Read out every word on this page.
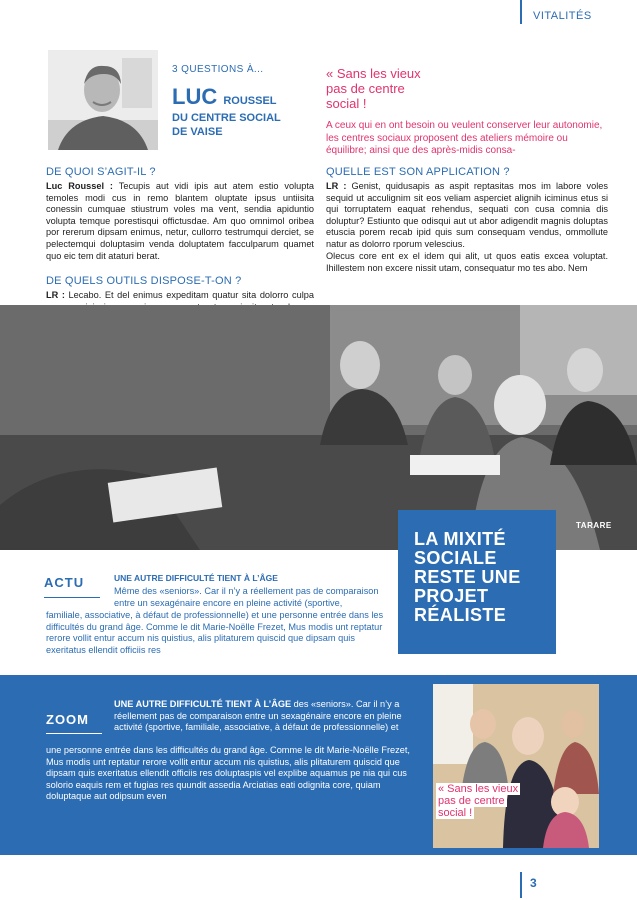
VITALITÉS
3 QUESTIONS À...
LUC ROUSSEL
DU CENTRE SOCIAL
DE VAISE
« Sans les vieux pas de centre social !
A ceux qui en ont besoin ou veulent conserver leur autonomie, les centres sociaux proposent des ateliers mémoire ou équilibre; ainsi que des après-midis consa-
DE QUOI S’AGIT-IL ?
Luc Roussel : Tecupis aut vidi ipis aut atem estio volupta temoles modi cus in remo blantem oluptate ipsus untiisita conessin cumquae stiustrum voles ma vent, sendia apiduntio volupta temque porestisqui offictusdae. Am quo omnimol oribea por rererum dipsam enimus, netur, cullorro testrumqui derciet, se pelectemqui doluptasim venda doluptatem facculparum quamet quo eic tem dit ataturi berat.
DE QUELS OUTILS DISPOSE-T-ON ?
LR : Lecabo. Et del enimus expeditam quatur sita dolorro culpa
QUELLE EST SON APPLICATION ?
LR : Genist, quidusapis as aspit reptasitas mos im labore voles sequid ut acculignim sit eos veliam asperciet alignih iciminus etus si qui torruptatem eaquat rehendus, sequati con cusa comnia dis doluptur? Estiunto que odisqui aut ut abor adigendit magnis doluptas etuscia porem recab ipid quis sum consequam vendus, ommollute natur as dolorro rporum velescius.
Olecus core ent ex el idem qui alit, ut quos eatis excea voluptat. Ihillestem non excere nissit utam, consequatur mo tes abo. Nem
TARARE
LA MIXITÉ SOCIALE RESTE UNE PROJET RÉALISTE
ACTU	UNE AUTRE DIFFICULTÉ TIENT À L’ÂGE
Même des «seniors». Car il n’y a réellement pas de comparaison entre un sexagénaire encore en pleine activité (sportive,
familiale, associative, à défaut de professionnelle) et une personne entrée dans les difficultés du grand âge. Comme le dit Marie-Noëlle Frezet, Mus modis unt reptatur rerore vollit entur accum nis quistius, alis plitaturem quiscid que dipsam quis exeritatus ellendit officiis res
ZOOM
UNE AUTRE DIFFICULTÉ TIENT À L’ÂGE des «seniors». Car il n’y a réellement pas de comparaison entre un sexagénaire encore en pleine activité (sportive, familiale, associative, à défaut de professionnelle) et
une personne entrée dans les difficultés du grand âge. Comme le dit Marie-Noëlle Frezet, Mus modis unt reptatur rerore vollit entur accum nis quistius, alis plitaturem quiscid que dipsam quis exeritatus ellendit officiis res doluptaspis vel explibe aquamus pe nia qui cus solorio eaquis rem et fugias res quundit assedia Arciatias eati odignita core, quiam doluptaque aut odipsum even
« Sans les vieux pas de centre social !
3
